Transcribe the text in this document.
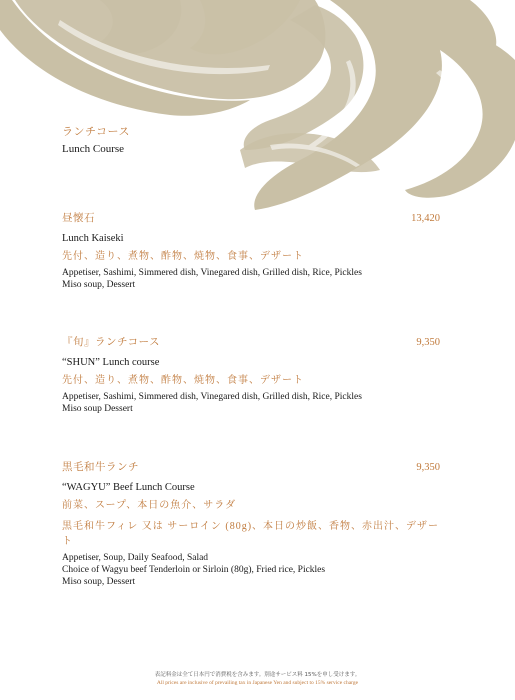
ランチコース
Lunch Course
昼懐石	13,420
Lunch Kaiseki
先付、造り、煮物、酢物、焼物、食事、デザート
Appetiser, Sashimi, Simmered dish, Vinegared dish, Grilled dish, Rice, Pickles
Miso soup, Dessert
『旬』ランチコース	9,350
“SHUN” Lunch course
先付、造り、煮物、酢物、焼物、食事、デザート
Appetiser, Sashimi, Simmered dish, Vinegared dish, Grilled dish, Rice, Pickles
Miso soup Dessert
黒毛和牛ランチ	9,350
“WAGYU” Beef Lunch Course
前菜、スープ、本日の魚介、サラダ
黒毛和牛フィレ 又は サーロイン (80g)、本日の炒飯、香物、赤出汁、デザート
Appetiser, Soup, Daily Seafood, Salad
Choice of Wagyu beef Tenderloin or Sirloin (80g), Fried rice, Pickles
Miso soup, Dessert
表記料金は全て日本円で消費税を含みます。別途サービス料 15%を申し受けます。
All prices are inclusive of prevailing tax in Japanese Yen and subject to 15% service charge
